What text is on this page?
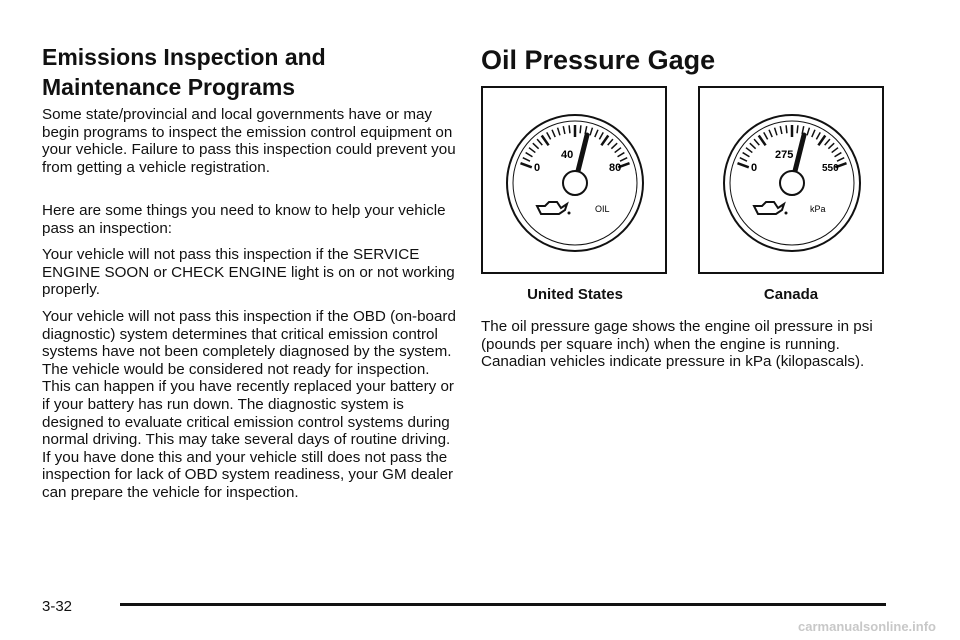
Emissions Inspection and Maintenance Programs

Some state/provincial and local governments have or may begin programs to inspect the emission control equipment on your vehicle. Failure to pass this inspection could prevent you from getting a vehicle registration.

Here are some things you need to know to help your vehicle pass an inspection:

Your vehicle will not pass this inspection if the SERVICE ENGINE SOON or CHECK ENGINE light is on or not working properly.

Your vehicle will not pass this inspection if the OBD (on-board diagnostic) system determines that critical emission control systems have not been completely diagnosed by the system. The vehicle would be considered not ready for inspection. This can happen if you have recently replaced your battery or if your battery has run down. The diagnostic system is designed to evaluate critical emission control systems during normal driving. This may take several days of routine driving. If you have done this and your vehicle still does not pass the inspection for lack of OBD system readiness, your GM dealer can prepare the vehicle for inspection.

Oil Pressure Gage
0
40
80
OIL
0
275
550
kPa
United States	Canada

The oil pressure gage shows the engine oil pressure in psi (pounds per square inch) when the engine is running. Canadian vehicles indicate pressure in kPa (kilopascals).

3-32
carmanualsonline.info
